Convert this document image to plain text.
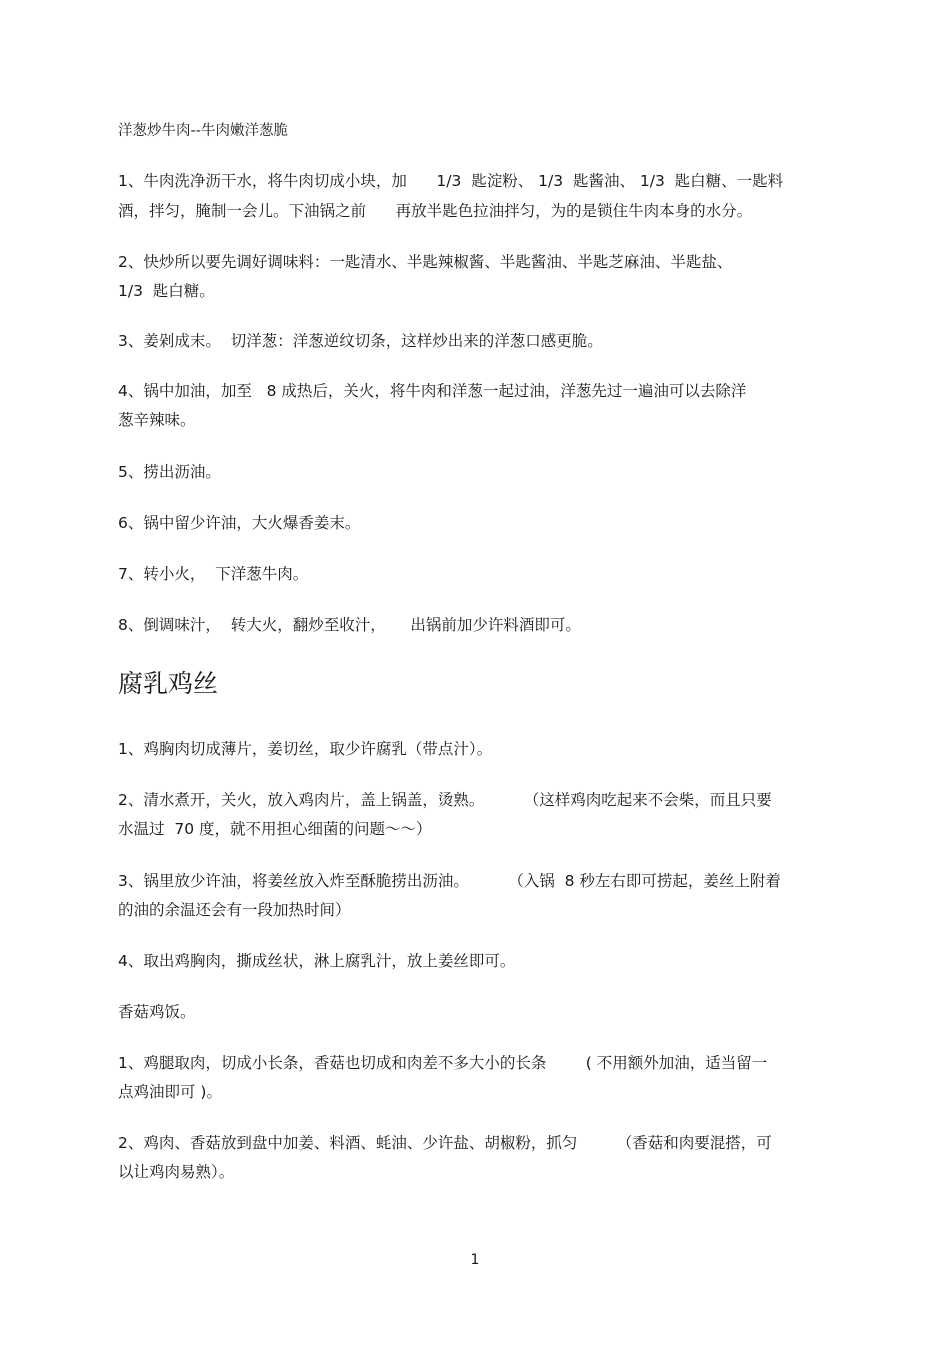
洋葱炒牛肉--牛肉嫩洋葱脆
1、牛肉洗净沥干水，将牛肉切成小块，加      1/3  匙淀粉、 1/3  匙酱油、 1/3  匙白糖、一匙料
酒，拌匀，腌制一会儿。下油锅之前      再放半匙色拉油拌匀，为的是锁住牛肉本身的水分。
2、快炒所以要先调好调味料：一匙清水、半匙辣椒酱、半匙酱油、半匙芝麻油、半匙盐、
1/3  匙白糖。
3、姜剁成末。  切洋葱：洋葱逆纹切条，这样炒出来的洋葱口感更脆。
4、锅中加油，加至   8 成热后，关火，将牛肉和洋葱一起过油，洋葱先过一遍油可以去除洋
葱辛辣味。
5、捞出沥油。
6、锅中留少许油，大火爆香姜末。
7、转小火，  下洋葱牛肉。
8、倒调味汁，  转大火，翻炒至收汁，     出锅前加少许料酒即可。
腐乳鸡丝
1、鸡胸肉切成薄片，姜切丝，取少许腐乳（带点汁）。
2、清水煮开，关火，放入鸡肉片，盖上锅盖，烫熟。        （这样鸡肉吃起来不会柴，而且只要
水温过  70 度，就不用担心细菌的问题～～）
3、锅里放少许油，将姜丝放入炸至酥脆捞出沥油。        （入锅  8 秒左右即可捞起，姜丝上附着
的油的余温还会有一段加热时间）
4、取出鸡胸肉，撕成丝状，淋上腐乳汁，放上姜丝即可。
香菇鸡饭。
1、鸡腿取肉，切成小长条，香菇也切成和肉差不多大小的长条        ( 不用额外加油，适当留一
点鸡油即可 )。
2、鸡肉、香菇放到盘中加姜、料酒、蚝油、少许盐、胡椒粉，抓匀        （香菇和肉要混搭，可
以让鸡肉易熟）。
1
